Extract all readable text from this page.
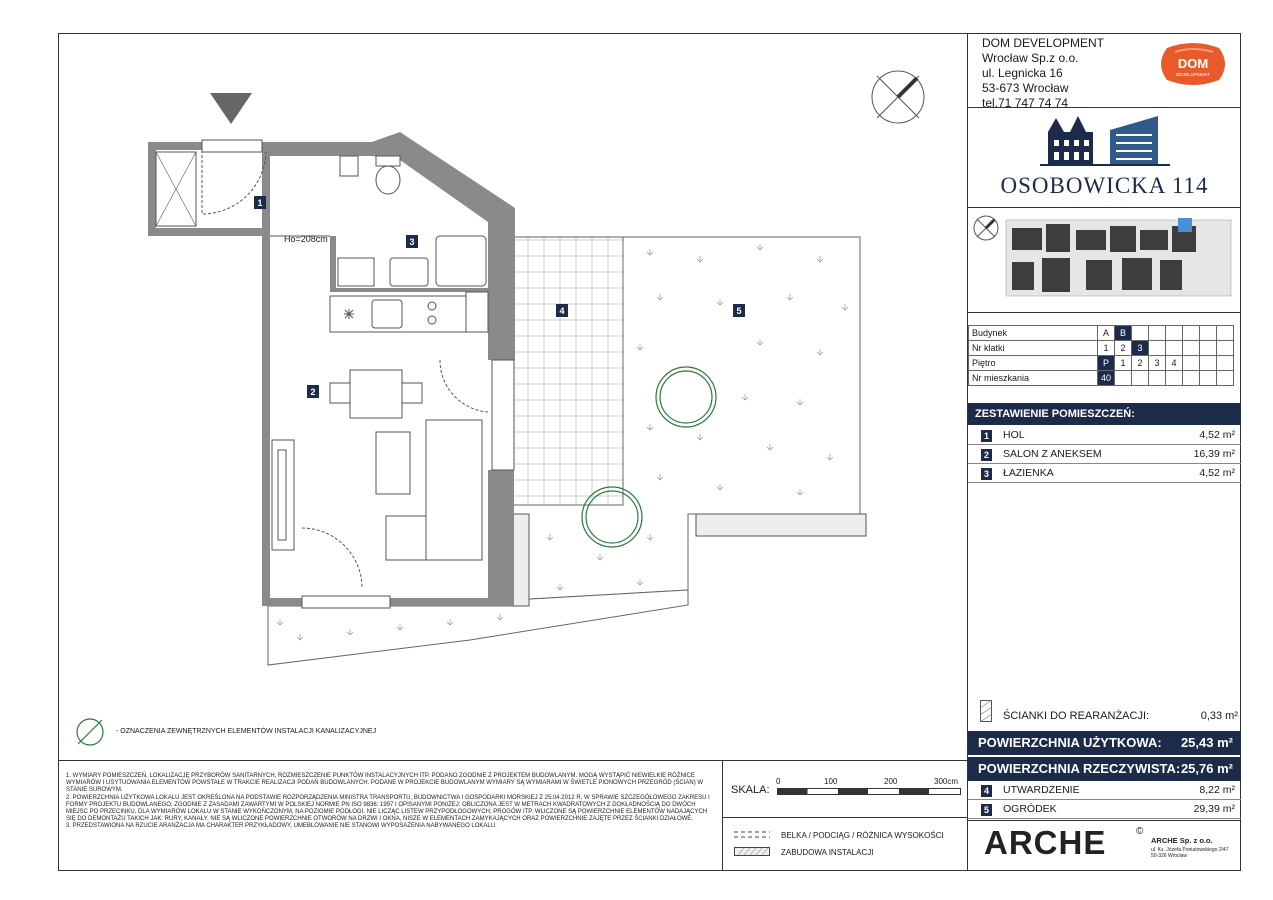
DOM DEVELOPMENT
Wrocław Sp.z o.o.
ul. Legnicka 16
53-673 Wrocław
tel.71 747 74 74
DOM
DEVELOPMENT
OSOBOWICKA 114
Budynek	A	B						
Nr klatki	1	2	3					
Piętro	P	1	2	3	4			
Nr mieszkania	40							
ZESTAWIENIE POMIESZCZEŃ:
1 HOL	4,52 m²
2 SALON Z ANEKSEM	16,39 m²
3 ŁAZIENKA	4,52 m²
ŚCIANKI DO REARANŻACJI:	0,33 m²
POWIERZCHNIA UŻYTKOWA: 25,43 m²
POWIERZCHNIA RZECZYWISTA: 25,76 m²
4 UTWARDZENIE	8,22 m²
5 OGRÓDEK	29,39 m²
ARCHE	©
ARCHE Sp. z o.o.
ul. Ks. Józefa Poniatowskiego 2/47
50-326 Wrocław
1. WYMIARY POMIESZCZEŃ, LOKALIZACJĘ PRZYBORÓW SANITARNYCH, ROZMIESZCZENIE PUNKTÓW INSTALACYJNYCH ITP. PODANO ZGODNIE Z PROJEKTEM BUDOWLANYM. MOGĄ WYSTĄPIĆ NIEWIELKIE RÓŻNICE WYMIARÓW I USYTUOWANIA ELEMENTÓW POWSTAŁE W TRAKCIE REALIZACJI PODAŃ BUDOWLANYCH. PODANE W PROJEKCIE BUDOWLANYM WYMIARY SĄ WYMIARAMI W ŚWIETLE PIONOWYCH PRZEGRÓD (ŚCIAN) W STANIE SUROWYM.
2. POWIERZCHNIA UŻYTKOWA LOKALU JEST OKREŚLONA NA PODSTAWIE ROZPORZĄDZENIA MINISTRA TRANSPORTU, BUDOWNICTWA I GOSPODARKI MORSKIEJ Z 25.04.2012 R. W SPRAWIE SZCZEGÓŁOWEGO ZAKRESU I FORMY PROJEKTU BUDOWLANEGO, ZGODNIE Z ZASADAMI ZAWARTYMI W POLSKIEJ NORMIE PN ISO 9836: 1997 I OPISANYMI PONIŻEJ: OBLICZONA JEST W METRACH KWADRATOWYCH Z DOKŁADNOŚCIĄ DO DWÓCH MIEJSC PO PRZECINKU, DLA WYMIARÓW LOKALU W STANIE WYKOŃCZONYM, NA POZIOMIE PODŁOGI. NIE LICZĄC LISTEW PRZYPODŁOGOWYCH, PROGÓW ITP. WLICZONE SĄ POWIERZCHNIE ELEMENTÓW NADAJĄCYCH SIĘ DO DEMONTAŻU TAKICH JAK: RURY, KANAŁY. NIE SĄ WLICZONE POWIERZCHNIE OTWORÓW NA DRZWI I OKNA, NISZE W ELEMENTACH ZAMYKAJĄCYCH ORAZ POWIERZCHNIE ZAJĘTE PRZEZ ŚCIANKI DZIAŁOWE.
3. PRZEDSTAWIONA NA RZUCIE ARANŻACJA MA CHARAKTER PRZYKŁADOWY, UMEBLOWANIE NIE STANOWI WYPOSAŻENIA NABYWANEGO LOKALU.
SKALA:
0	100	200	300cm
BELKA / PODCIĄG / RÓŻNICA WYSOKOŚCI
ZABUDOWA INSTALACJI
- OZNACZENIA ZEWNĘTRZNYCH ELEMENTÓW INSTALACJI KANALIZACYJNEJ
1
2
3
4	5
Ho=208cm
